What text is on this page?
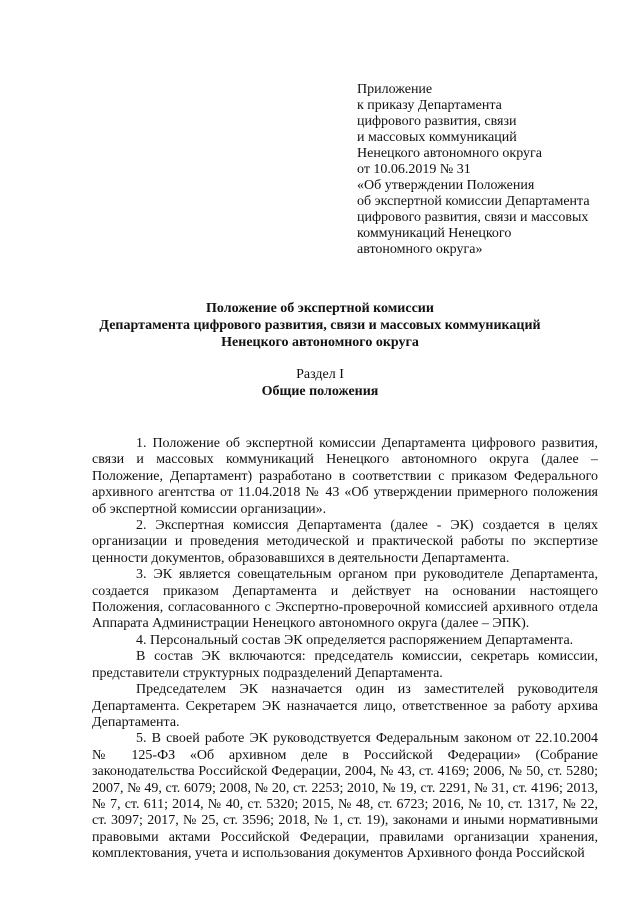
Приложение
к приказу Департамента
цифрового развития, связи
и массовых коммуникаций
Ненецкого автономного округа
от 10.06.2019 № 31
«Об утверждении Положения
об экспертной комиссии Департамента
цифрового развития, связи и массовых
коммуникаций Ненецкого
автономного округа»
Положение об экспертной комиссии
Департамента цифрового развития, связи и массовых коммуникаций
Ненецкого автономного округа
Раздел I
Общие положения

1. Положение об экспертной комиссии Департамента цифрового развития, связи и массовых коммуникаций Ненецкого автономного округа (далее – Положение, Департамент) разработано в соответствии с приказом Федерального архивного агентства от 11.04.2018 № 43 «Об утверждении примерного положения об экспертной комиссии организации».

2. Экспертная комиссия Департамента (далее - ЭК) создается в целях организации и проведения методической и практической работы по экспертизе ценности документов, образовавшихся в деятельности Департамента.

3. ЭК является совещательным органом при руководителе Департамента, создается приказом Департамента и действует на основании настоящего Положения, согласованного с Экспертно-проверочной комиссией архивного отдела Аппарата Администрации Ненецкого автономного округа (далее – ЭПК).

4. Персональный состав ЭК определяется распоряжением Департамента.

В состав ЭК включаются: председатель комиссии, секретарь комиссии, представители структурных подразделений Департамента.

Председателем ЭК назначается один из заместителей руководителя Департамента. Секретарем ЭК назначается лицо, ответственное за работу архива Департамента.

5. В своей работе ЭК руководствуется Федеральным законом от 22.10.2004 № 125-ФЗ «Об архивном деле в Российской Федерации» (Собрание законодательства Российской Федерации, 2004, № 43, ст. 4169; 2006, № 50, ст. 5280; 2007, № 49, ст. 6079; 2008, № 20, ст. 2253; 2010, № 19, ст. 2291, № 31, ст. 4196; 2013, № 7, ст. 611; 2014, № 40, ст. 5320; 2015, № 48, ст. 6723; 2016, № 10, ст. 1317, № 22, ст. 3097; 2017, № 25, ст. 3596; 2018, № 1, ст. 19), законами и иными нормативными правовыми актами Российской Федерации, правилами организации хранения, комплектования, учета и использования документов Архивного фонда Российской
